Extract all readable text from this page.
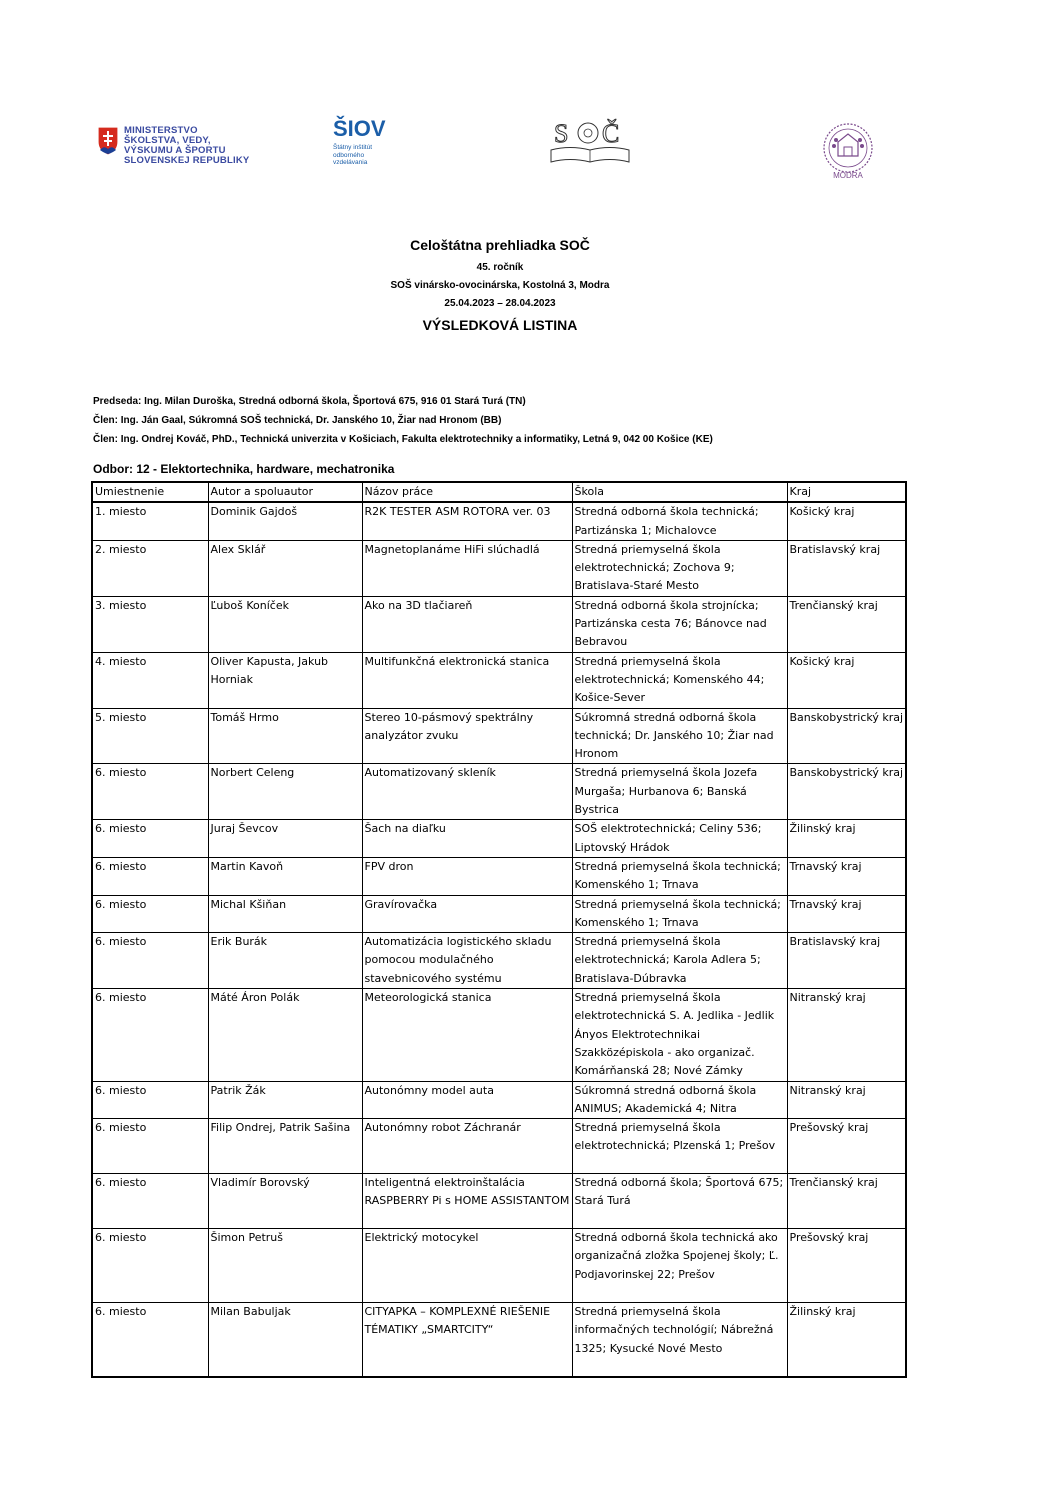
MINISTERSTVO
ŠKOLSTVA, VEDY,
VÝSKUMU A ŠPORTU
SLOVENSKEJ REPUBLIKY
ŠIOV
Štátny inštitút
odborného
vzdelávania
S Č
MODRA
Celoštátna prehliadka SOČ
45. ročník
SOŠ vinársko-ovocinárska, Kostolná 3, Modra
25.04.2023 – 28.04.2023
VÝSLEDKOVÁ LISTINA
Predseda: Ing. Milan Duroška, Stredná odborná škola, Športová 675, 916 01 Stará Turá (TN)
Člen: Ing. Ján Gaal, Súkromná SOŠ technická, Dr. Janského 10, Žiar nad Hronom (BB)
Člen: Ing. Ondrej Kováč, PhD., Technická univerzita v Košiciach, Fakulta elektrotechniky a informatiky, Letná 9, 042 00 Košice (KE)
Odbor: 12 - Elektortechnika, hardware, mechatronika
Umiestnenie	Autor a spoluautor	Názov práce	Škola	Kraj
1. miesto	Dominik Gajdoš	R2K TESTER ASM ROTORA ver. 03	Stredná odborná škola technická; Partizánska 1; Michalovce	Košický kraj
2. miesto	Alex Sklář	Magnetoplanáme HiFi slúchadlá	Stredná priemyselná škola elektrotechnická; Zochova 9; Bratislava-Staré Mesto	Bratislavský kraj
3. miesto	Ľuboš Koníček	Ako na 3D tlačiareň	Stredná odborná škola strojnícka; Partizánska cesta 76; Bánovce nad Bebravou	Trenčianský kraj
4. miesto	Oliver Kapusta, Jakub Horniak	Multifunkčná elektronická stanica	Stredná priemyselná škola elektrotechnická; Komenského 44; Košice-Sever	Košický kraj
5. miesto	Tomáš Hrmo	Stereo 10-pásmový spektrálny analyzátor zvuku	Súkromná stredná odborná škola technická; Dr. Janského 10; Žiar nad Hronom	Banskobystrický kraj
6. miesto	Norbert Celeng	Automatizovaný skleník	Stredná priemyselná škola Jozefa Murgaša; Hurbanova 6; Banská Bystrica	Banskobystrický kraj
6. miesto	Juraj Ševcov	Šach na diaľku	SOŠ elektrotechnická; Celiny 536; Liptovský Hrádok	Žilinský kraj
6. miesto	Martin Kavoň	FPV dron	Stredná priemyselná škola technická; Komenského 1; Trnava	Trnavský kraj
6. miesto	Michal Kšiňan	Gravírovačka	Stredná priemyselná škola technická; Komenského 1; Trnava	Trnavský kraj
6. miesto	Erik Burák	Automatizácia logistického skladu pomocou modulačného stavebnicového systému	Stredná priemyselná škola elektrotechnická; Karola Adlera 5; Bratislava-Dúbravka	Bratislavský kraj
6. miesto	Máté Áron Polák	Meteorologická stanica	Stredná priemyselná škola elektrotechnická S. A. Jedlika - Jedlik Ányos Elektrotechnikai Szakközépiskola - ako organizač. Komárňanská 28; Nové Zámky	Nitranský kraj
6. miesto	Patrik Žák	Autonómny model auta	Súkromná stredná odborná škola ANIMUS; Akademická 4; Nitra	Nitranský kraj
6. miesto	Filip Ondrej, Patrik Sašina	Autonómny robot Záchranár	Stredná priemyselná škola elektrotechnická; Plzenská 1; Prešov	Prešovský kraj
6. miesto	Vladimír Borovský	Inteligentná elektroinštalácia RASPBERRY Pi s HOME ASSISTANTOM	Stredná odborná škola; Športová 675; Stará Turá	Trenčianský kraj
6. miesto	Šimon Petruš	Elektrický motocykel	Stredná odborná škola technická ako organizačná zložka Spojenej školy; Ľ. Podjavorinskej 22; Prešov	Prešovský kraj
6. miesto	Milan Babuljak	CITYAPKA – KOMPLEXNÉ RIEŠENIE TÉMATIKY „SMARTCITY“	Stredná priemyselná škola informačných technológií; Nábrežná 1325; Kysucké Nové Mesto	Žilinský kraj
